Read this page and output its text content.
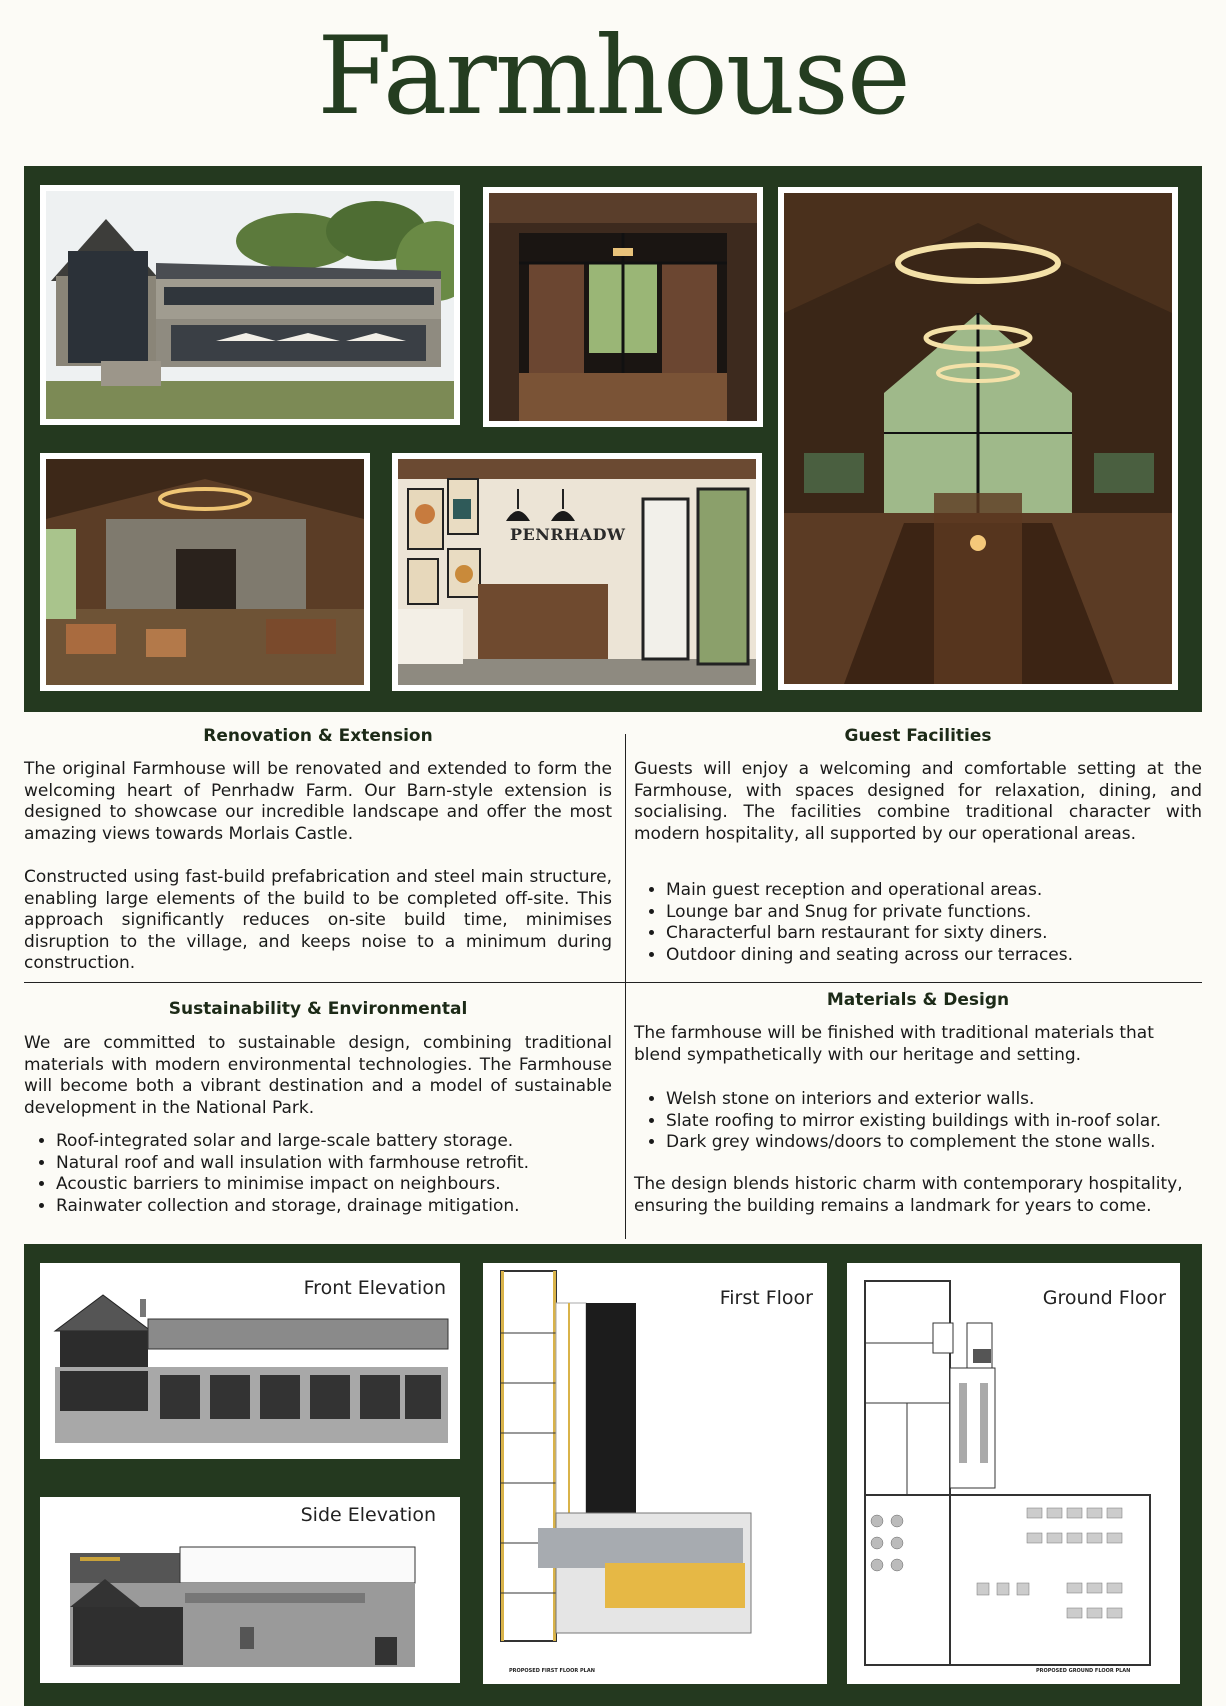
Farmhouse
PENRHADW
Renovation & Extension

The original Farmhouse will be renovated and extended to form the welcoming heart of Penrhadw Farm. Our Barn-style extension is designed to showcase our incredible landscape and offer the most amazing views towards Morlais Castle.

Constructed using fast-build prefabrication and steel main structure, enabling large elements of the build to be completed off-site. This approach significantly reduces on-site build time, minimises disruption to the village, and keeps noise to a minimum during construction.

Guest Facilities

Guests will enjoy a welcoming and comfortable setting at the Farmhouse, with spaces designed for relaxation, dining, and socialising. The facilities combine traditional character with modern hospitality, all supported by our operational areas.

• Main guest reception and operational areas.
• Lounge bar and Snug for private functions.
• Characterful barn restaurant for sixty diners.
• Outdoor dining and seating across our terraces.
Sustainability & Environmental

We are committed to sustainable design, combining traditional materials with modern environmental technologies. The Farmhouse will become both a vibrant destination and a model of sustainable development in the National Park.

• Roof-integrated solar and large-scale battery storage.
• Natural roof and wall insulation with farmhouse retrofit.
• Acoustic barriers to minimise impact on neighbours.
• Rainwater collection and storage, drainage mitigation.
Materials & Design

The farmhouse will be finished with traditional materials that blend sympathetically with our heritage and setting.

• Welsh stone on interiors and exterior walls.
• Slate roofing to mirror existing buildings with in-roof solar.
• Dark grey windows/doors to complement the stone walls.

The design blends historic charm with contemporary hospitality, ensuring the building remains a landmark for years to come.

Front Elevation
Side Elevation
First Floor
PROPOSED FIRST FLOOR PLAN
Ground Floor
PROPOSED GROUND FLOOR PLAN
